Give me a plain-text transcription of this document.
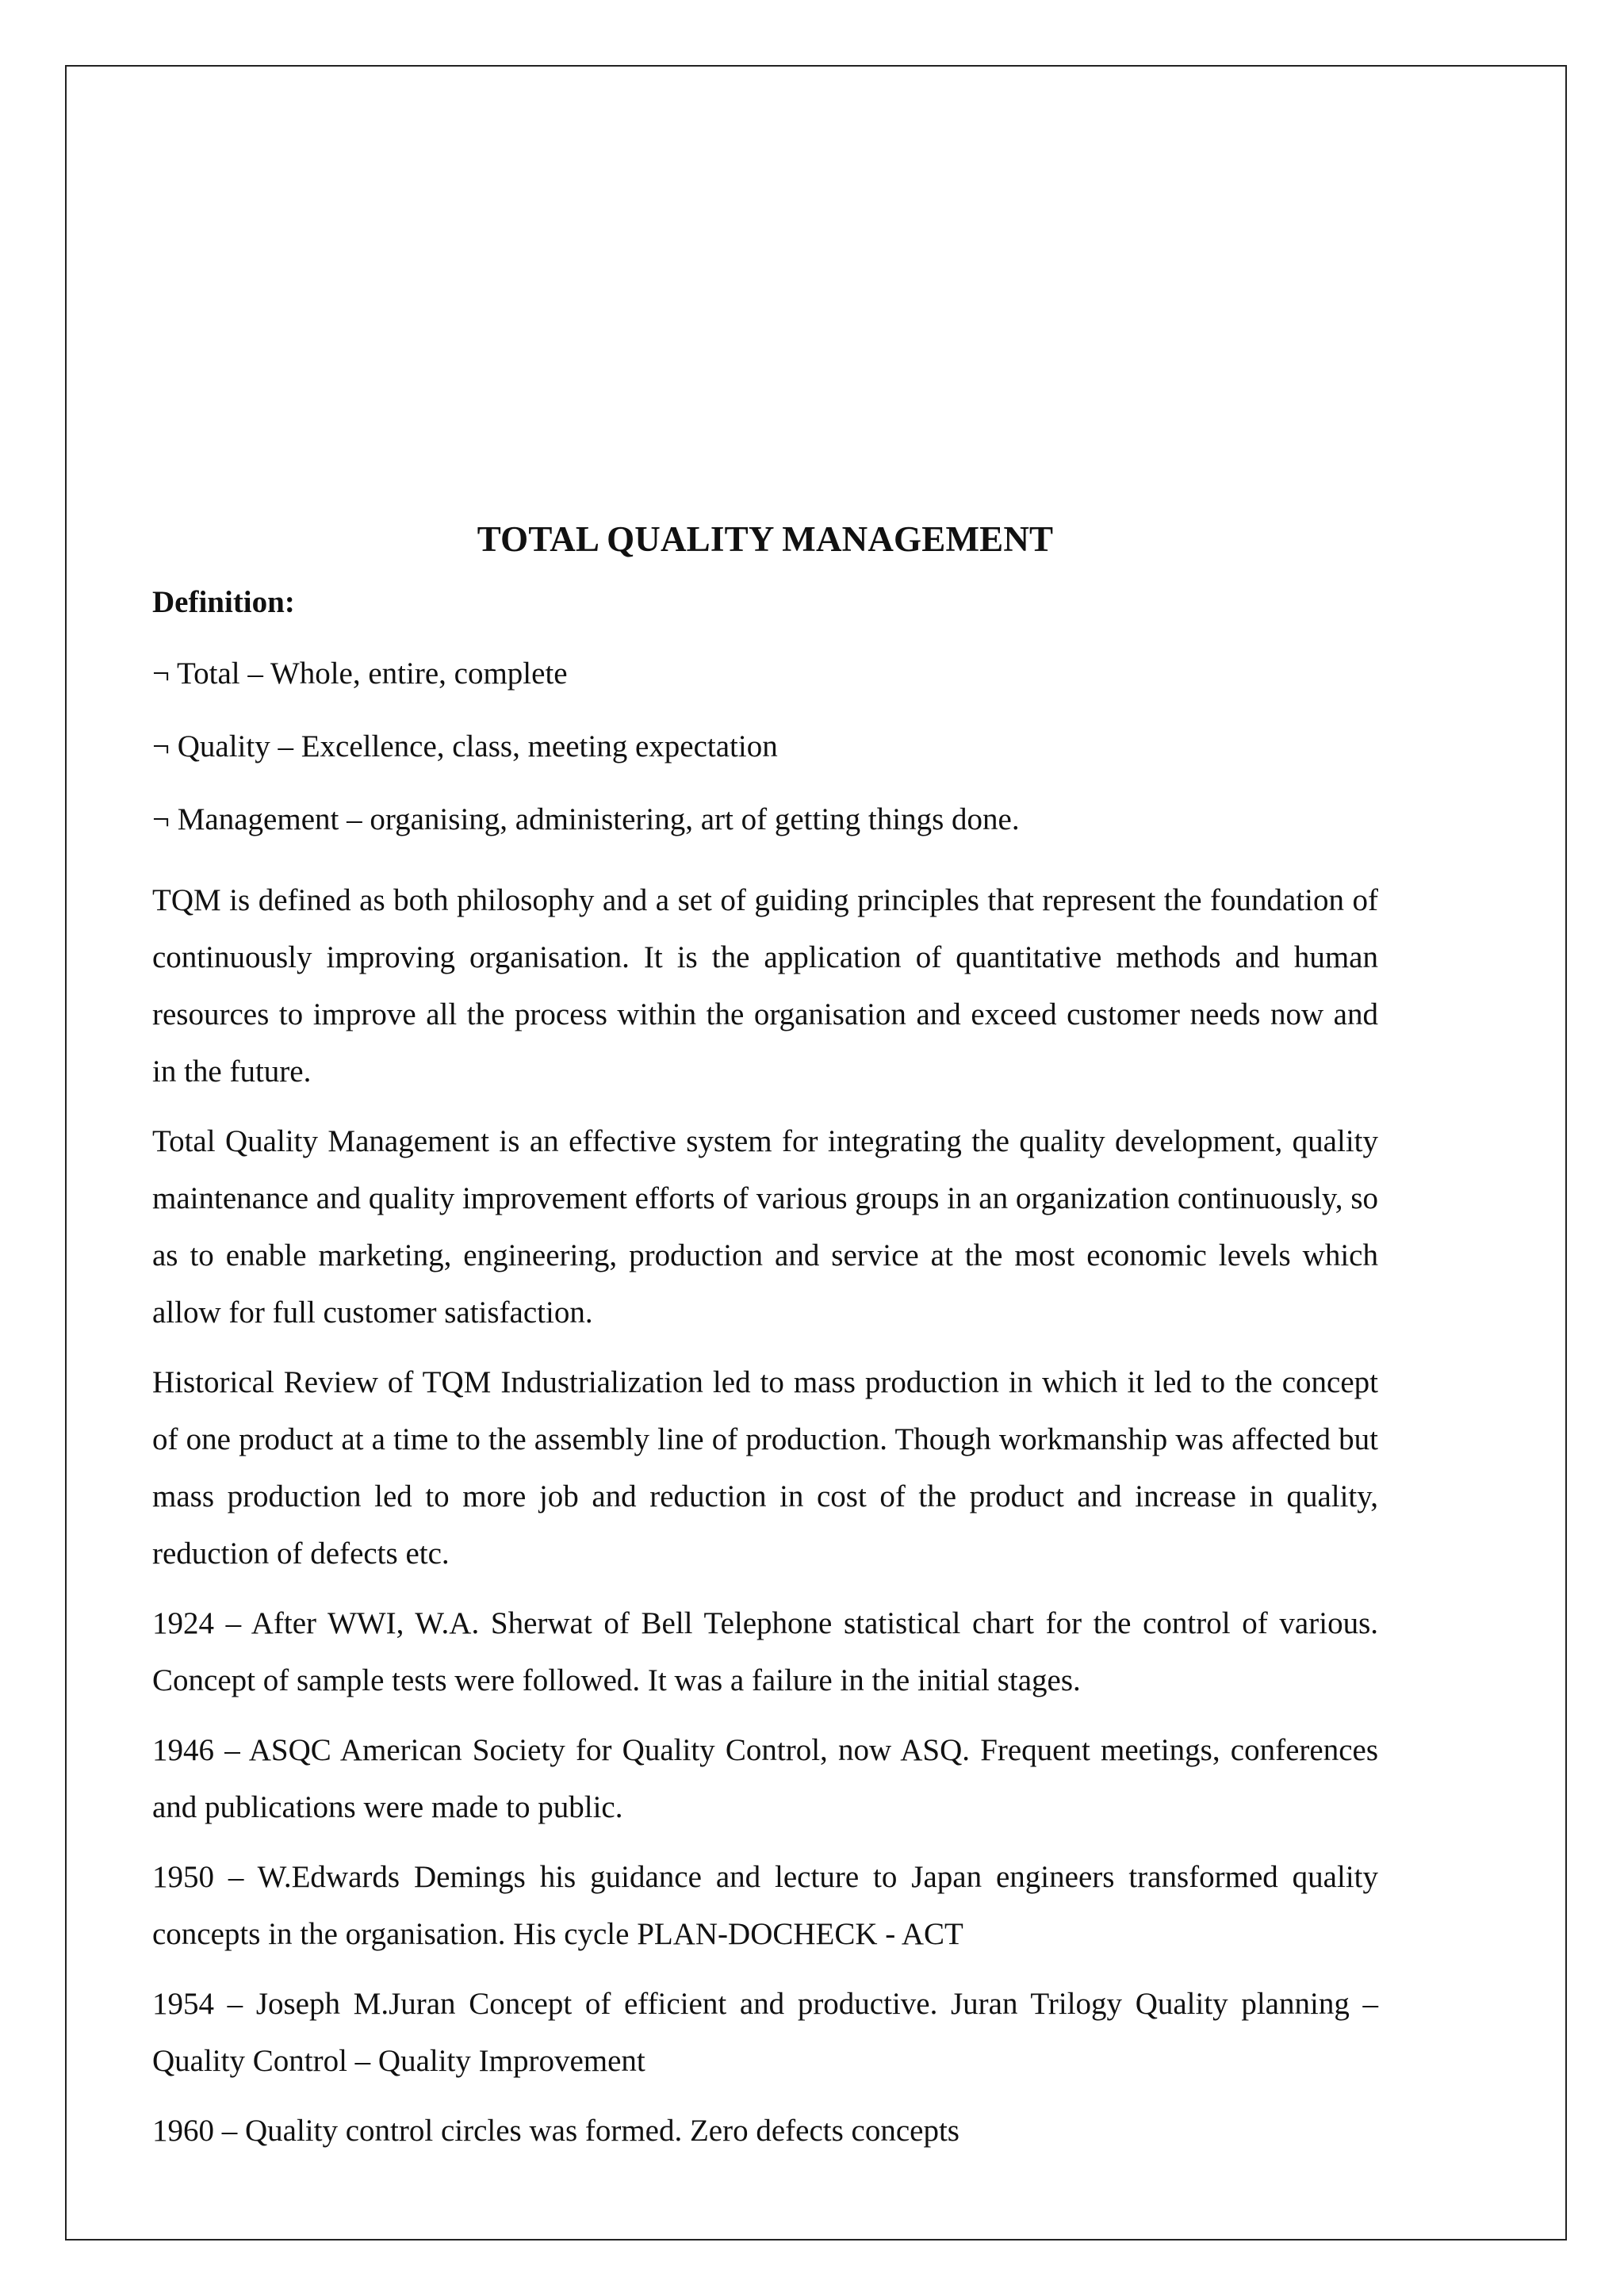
TOTAL QUALITY MANAGEMENT
Definition:
¬ Total – Whole, entire, complete
¬ Quality – Excellence, class, meeting expectation
¬ Management – organising, administering, art of getting things done.

TQM is defined as both philosophy and a set of guiding principles that represent the foundation of continuously improving organisation. It is the application of quantitative methods and human resources to improve all the process within the organisation and exceed customer needs now and in the future.

Total Quality Management is an effective system for integrating the quality development, quality maintenance and quality improvement efforts of various groups in an organization continuously, so as to enable marketing, engineering, production and service at the most economic levels which allow for full customer satisfaction.

Historical Review of TQM Industrialization led to mass production in which it led to the concept of one product at a time to the assembly line of production. Though workmanship was affected but mass production led to more job and reduction in cost of the product and increase in quality, reduction of defects etc.

1924 – After WWI, W.A. Sherwat of Bell Telephone statistical chart for the control of various. Concept of sample tests were followed. It was a failure in the initial stages.

1946 – ASQC American Society for Quality Control, now ASQ. Frequent meetings, conferences and publications were made to public.

1950 – W.Edwards Demings his guidance and lecture to Japan engineers transformed quality concepts in the organisation. His cycle PLAN-DOCHECK - ACT

1954 – Joseph M.Juran Concept of efficient and productive. Juran Trilogy Quality planning – Quality Control – Quality Improvement

1960 – Quality control circles was formed. Zero defects concepts
